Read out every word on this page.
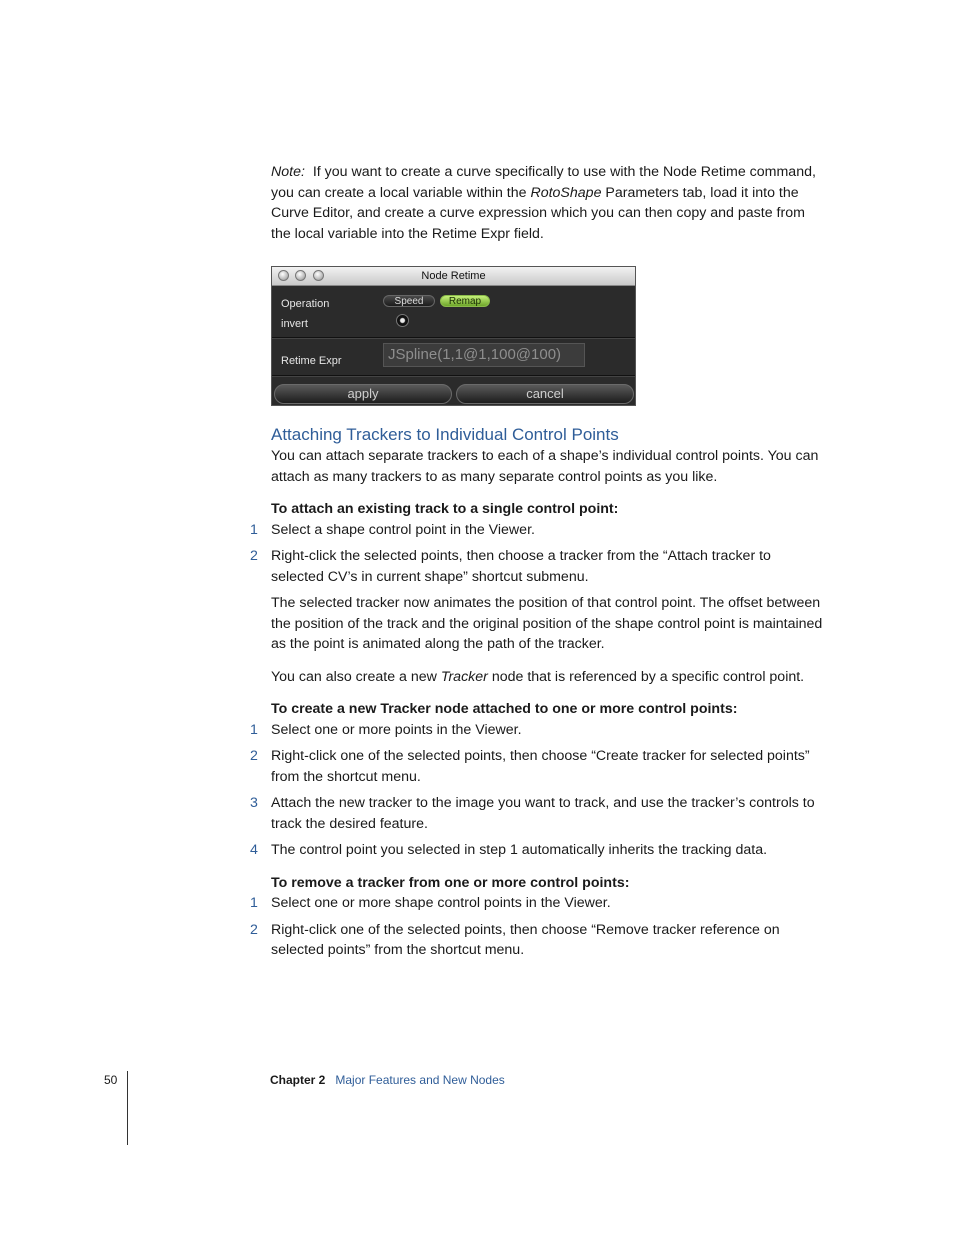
Note: If you want to create a curve specifically to use with the Node Retime command, you can create a local variable within the RotoShape Parameters tab, load it into the Curve Editor, and create a curve expression which you can then copy and paste from the local variable into the Retime Expr field.

Node Retime
Operation	Speed	Remap
invert
Retime Expr	JSpline(1,1@1,100@100)
apply	cancel
Attaching Trackers to Individual Control Points

You can attach separate trackers to each of a shape’s individual control points. You can attach as many trackers to as many separate control points as you like.

To attach an existing track to a single control point:

1 Select a shape control point in the Viewer.
2 Right-click the selected points, then choose a tracker from the “Attach tracker to selected CV’s in current shape” shortcut submenu.

The selected tracker now animates the position of that control point. The offset between the position of the track and the original position of the shape control point is maintained as the point is animated along the path of the tracker.

You can also create a new Tracker node that is referenced by a specific control point.

To create a new Tracker node attached to one or more control points:

1 Select one or more points in the Viewer.
2 Right-click one of the selected points, then choose “Create tracker for selected points” from the shortcut menu.
3 Attach the new tracker to the image you want to track, and use the tracker’s controls to track the desired feature.
4 The control point you selected in step 1 automatically inherits the tracking data.

To remove a tracker from one or more control points:

1 Select one or more shape control points in the Viewer.
2 Right-click one of the selected points, then choose “Remove tracker reference on selected points” from the shortcut menu.
50	Chapter 2 Major Features and New Nodes
